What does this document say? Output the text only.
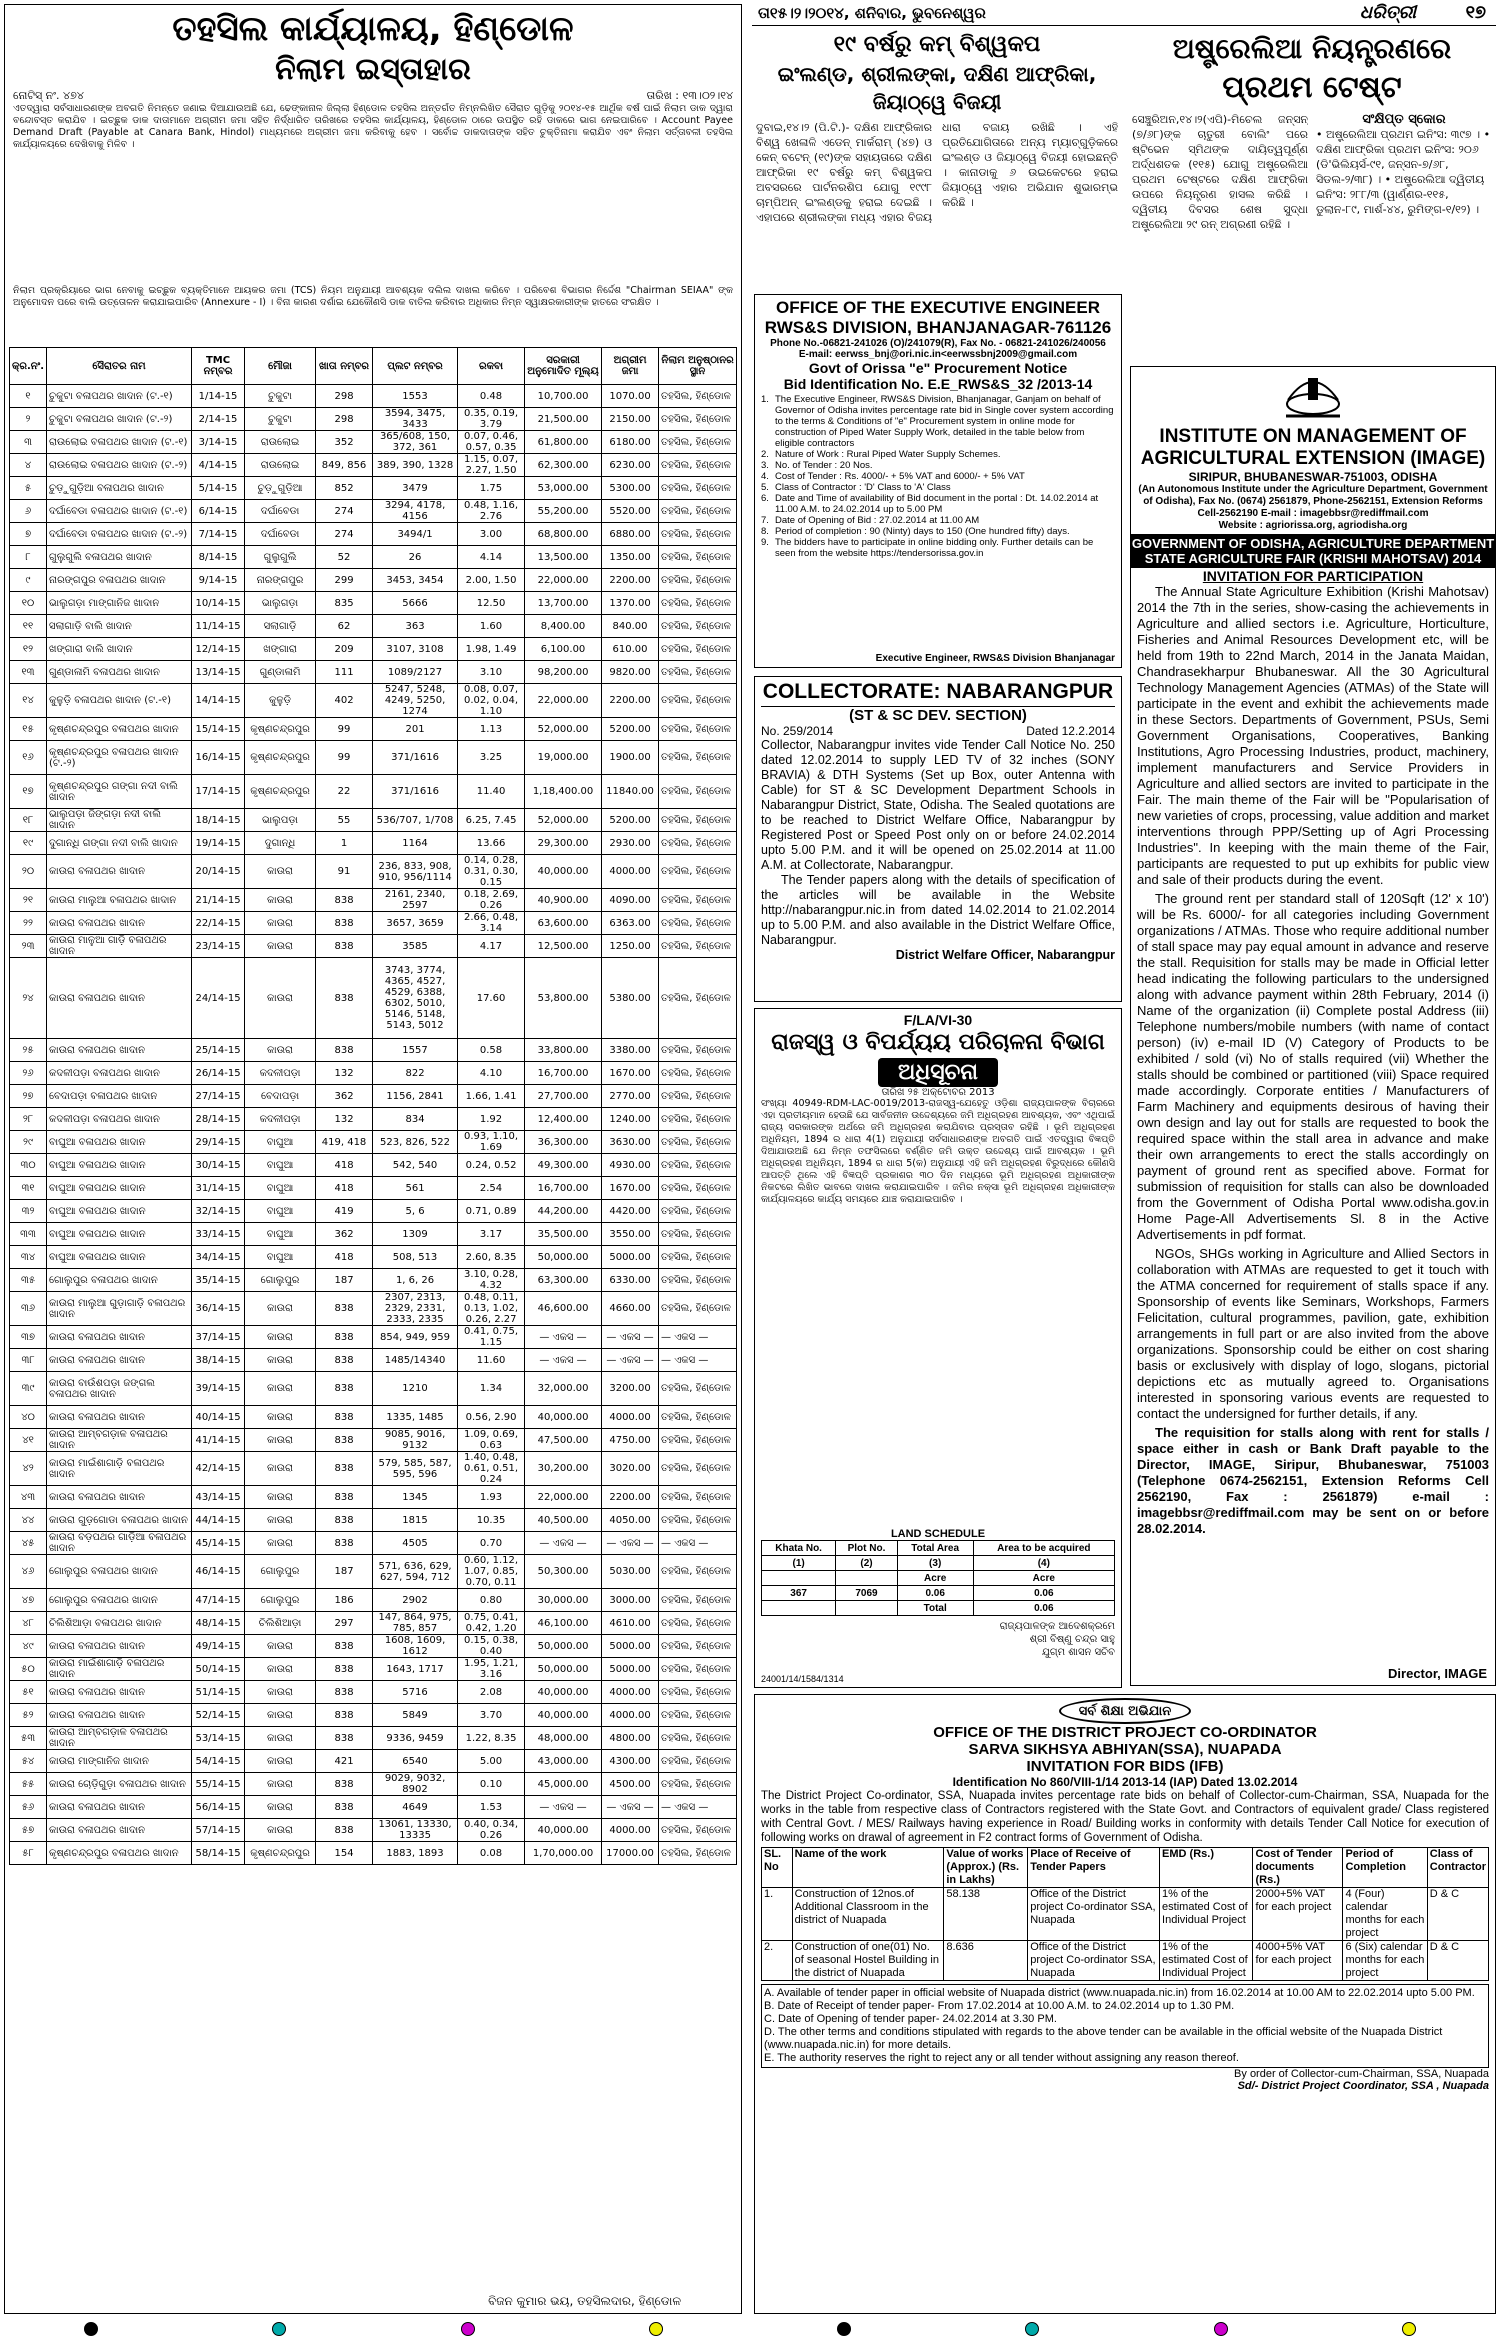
ତହସିଲ କାର୍ଯ୍ୟାଳୟ, ହିଣ୍ଡୋଳ
ନିଲାମ ଇସ୍ତାହାର
ନୋଟିସ୍ ନଂ. ୪୭୪	ତାରିଖ : ୧୩।୦୨।୧୪
ଏତଦ୍ୱାରା ସର୍ବସାଧାରଣଙ୍କ ଅବଗତି ନିମନ୍ତେ ଜଣାଇ ଦିଆଯାଉଅଛି ଯେ, ଢେଙ୍କାନାଳ ଜିଲ୍ଲା ହିଣ୍ଡୋଳ ତହସିଲ ଅନ୍ତର୍ଗତ ନିମ୍ନଲିଖିତ ସୈରାତ ଗୁଡ଼ିକୁ ୨୦୧୪-୧୫ ଆର୍ଥିକ ବର୍ଷ ପାଇଁ ନିଲାମ ଡାକ ଦ୍ୱାରା ବନ୍ଦୋବସ୍ତ କରାଯିବ । ଇଚ୍ଛୁକ ଡାକ ଦାତାମାନେ ଅଗ୍ରୀମ ଜମା ସହିତ ନିର୍ଦ୍ଧାରିତ ତାରିଖରେ ତହସିଲ କାର୍ଯ୍ୟାଳୟ, ହିଣ୍ଡୋଳ ଠାରେ ଉପସ୍ଥିତ ରହି ଡାକରେ ଭାଗ ନେଇପାରିବେ । Account Payee Demand Draft (Payable at Canara Bank, Hindol) ମାଧ୍ୟମରେ ଅଗ୍ରୀମ ଜମା କରିବାକୁ ହେବ । ସର୍ବୋଚ୍ଚ ଡାକଦାତାଙ୍କ ସହିତ ଚୁକ୍ତିନାମା କରାଯିବ ଏବଂ ନିଲାମ ସର୍ତ୍ତାବଳୀ ତହସିଲ କାର୍ଯ୍ୟାଳୟରେ ଦେଖିବାକୁ ମିଳିବ ।
ନିଲାମ ପ୍ରକ୍ରିୟାରେ ଭାଗ ନେବାକୁ ଇଚ୍ଛୁକ ବ୍ୟକ୍ତିମାନେ ଆୟକର ଜମା (TCS) ନିୟମ ଅନୁଯାୟୀ ଆବଶ୍ୟକ ଦଲିଲ ଦାଖଲ କରିବେ । ପରିବେଶ ବିଭାଗର ନିର୍ଦ୍ଦେଶ "Chairman SEIAA" ଙ୍କ ଅନୁମୋଦନ ପରେ ବାଲି ଉତ୍ତୋଳନ କରାଯାଇପାରିବ (Annexure - I) । ବିନା କାରଣ ଦର୍ଶାଇ ଯେକୌଣସି ଡାକ ବାତିଲ କରିବାର ଅଧିକାର ନିମ୍ନ ସ୍ୱାକ୍ଷରକାରୀଙ୍କ ହାତରେ ସଂରକ୍ଷିତ ।
କ୍ର.ନଂ.	ସୈରାତର ନାମ	TMC ନମ୍ବର	ମୌଜା	ଖାତା ନମ୍ବର	ପ୍ଲଟ ନମ୍ବର	ରକବା	ସରକାରୀ ଅନୁମୋଦିତ ମୂଲ୍ୟ	ଅଗ୍ରୀମ ଜମା	ନିଲାମ ଅନୁଷ୍ଠାନର ସ୍ଥାନ
୧	ଚୁକୁଟା ବଳାପଥର ଖାଦାନ (ଟ.-୧)	1/14-15	ଚୁକୁଟା	298	1553	0.48	10,700.00	1070.00	ତହସିଲ, ହିଣ୍ଡୋଳ
୨	ଚୁକୁଟା ବଳାପଥର ଖାଦାନ (ଟ.-୨)	2/14-15	ଚୁକୁଟା	298	3594, 3475, 3433	0.35, 0.19, 3.79	21,500.00	2150.00	ତହସିଲ, ହିଣ୍ଡୋଳ
୩	ରାଉଲୋଇ ବଳାପଥର ଖାଦାନ (ଟ.-୧)	3/14-15	ରାଉଲୋଇ	352	365/608, 150, 372, 361	0.07, 0.46, 0.57, 0.35	61,800.00	6180.00	ତହସିଲ, ହିଣ୍ଡୋଳ
୪	ରାଉଲୋଇ ବଳାପଥର ଖାଦାନ (ଟ.-୨)	4/14-15	ରାଉଲୋଇ	849, 856	389, 390, 1328	1.15, 0.07, 2.27, 1.50	62,300.00	6230.00	ତହସିଲ, ହିଣ୍ଡୋଳ
୫	ଚୁଡ଼ୁଗୁଡ଼ିଆ ବଳାପଥର ଖାଦାନ	5/14-15	ଚୁଡ଼ୁଗୁଡ଼ିଆ	852	3479	1.75	53,000.00	5300.00	ତହସିଲ, ହିଣ୍ଡୋଳ
୬	ଦର୍ଘାବେଡା ବଳାପଥର ଖାଦାନ (ଟ.-୧)	6/14-15	ଦର୍ଘାବେଡା	274	3294, 4178, 4156	0.48, 1.16, 2.76	55,200.00	5520.00	ତହସିଲ, ହିଣ୍ଡୋଳ
୭	ଦର୍ଘାବେଡା ବଳାପଥର ଖାଦାନ (ଟ.-୨)	7/14-15	ଦର୍ଘାବେଡା	274	3494/1	3.00	68,800.00	6880.00	ତହସିଲ, ହିଣ୍ଡୋଳ
୮	ଗୁଲୁଗୁଲି ବଳାପଥର ଖାଦାନ	8/14-15	ଗୁଲୁଗୁଲି	52	26	4.14	13,500.00	1350.00	ତହସିଲ, ହିଣ୍ଡୋଳ
୯	ନାରଙ୍ଗପୁର ବଳାପଥର ଖାଦାନ	9/14-15	ନାରଙ୍ଗପୁର	299	3453, 3454	2.00, 1.50	22,000.00	2200.00	ତହସିଲ, ହିଣ୍ଡୋଳ
୧୦	ଭାଲୁଗଡ଼ା ମାଙ୍ଗାନିଜ ଖାଦାନ	10/14-15	ଭାଲୁଗଡ଼ା	835	5666	12.50	13,700.00	1370.00	ତହସିଲ, ହିଣ୍ଡୋଳ
୧୧	ସଲାଗାଡ଼ି ବାଲି ଖାଦାନ	11/14-15	ସଲାଗାଡ଼ି	62	363	1.60	8,400.00	840.00	ତହସିଲ, ହିଣ୍ଡୋଳ
୧୨	ଖଙ୍ଗାରା ବାଲି ଖାଦାନ	12/14-15	ଖଙ୍ଗାରା	209	3107, 3108	1.98, 1.49	6,100.00	610.00	ତହସିଲ, ହିଣ୍ଡୋଳ
୧୩	ଗୁଣ୍ଡାଳାମି ବଳାପଥର ଖାଦାନ	13/14-15	ଗୁଣ୍ଡାଳାମି	111	1089/2127	3.10	98,200.00	9820.00	ତହସିଲ, ହିଣ୍ଡୋଳ
୧୪	କୁଳୁଡ଼ି ବଳାପଥର ଖାଦାନ (ଟ.-୧)	14/14-15	କୁଳୁଡ଼ି	402	5247, 5248, 4249, 5250, 1274	0.08, 0.07, 0.02, 0.04, 1.10	22,000.00	2200.00	ତହସିଲ, ହିଣ୍ଡୋଳ
୧୫	କୃଷ୍ଣଚନ୍ଦ୍ରପୁର ବଳାପଥର ଖାଦାନ	15/14-15	କୃଷ୍ଣଚନ୍ଦ୍ରପୁର	99	201	1.13	52,000.00	5200.00	ତହସିଲ, ହିଣ୍ଡୋଳ
୧୬	କୃଷ୍ଣଚନ୍ଦ୍ରପୁର ବଳାପଥର ଖାଦାନ (ଟ.-୨)	16/14-15	କୃଷ୍ଣଚନ୍ଦ୍ରପୁର	99	371/1616	3.25	19,000.00	1900.00	ତହସିଲ, ହିଣ୍ଡୋଳ
୧୭	କୃଷ୍ଣଚନ୍ଦ୍ରପୁର ଗଙ୍ଗା ନଦୀ ବାଲି ଖାଦାନ	17/14-15	କୃଷ୍ଣଚନ୍ଦ୍ରପୁର	22	371/1616	11.40	1,18,400.00	11840.00	ତହସିଲ, ହିଣ୍ଡୋଳ
୧୮	ଭାଲୁପଡ଼ା ଜିଙ୍ଗଡ଼ା ନଦୀ ବାଲି ଖାଦାନ	18/14-15	ଭାଲୁପଡ଼ା	55	536/707, 1/708	6.25, 7.45	52,000.00	5200.00	ତହସିଲ, ହିଣ୍ଡୋଳ
୧୯	ଦୁଗାନ୍ଧି ଗଙ୍ଗା ନଦୀ ବାଲି ଖାଦାନ	19/14-15	ଦୁଗାନ୍ଧି	1	1164	13.66	29,300.00	2930.00	ତହସିଲ, ହିଣ୍ଡୋଳ
୨୦	କାଉରା ବଳାପଥର ଖାଦାନ	20/14-15	କାଉରା	91	236, 833, 908, 910, 956/1114	0.14, 0.28, 0.31, 0.30, 0.15	40,000.00	4000.00	ତହସିଲ, ହିଣ୍ଡୋଳ
୨୧	କାଉରା ମାଲୁଆ ବଳାପଥର ଖାଦାନ	21/14-15	କାଉରା	838	2161, 2340, 2597	0.18, 2.69, 0.26	40,900.00	4090.00	ତହସିଲ, ହିଣ୍ଡୋଳ
୨୨	କାଉରା ବଳାପଥର ଖାଦାନ	22/14-15	କାଉରା	838	3657, 3659	2.66, 0.48, 3.14	63,600.00	6363.00	ତହସିଲ, ହିଣ୍ଡୋଳ
୨୩	କାଉରା ମାଳୁଆ ଗାଡ଼ି ବଳାପଥର ଖାଦାନ	23/14-15	କାଉରା	838	3585	4.17	12,500.00	1250.00	ତହସିଲ, ହିଣ୍ଡୋଳ
୨୪	କାଉରା ବଳାପଥର ଖାଦାନ	24/14-15	କାଉରା	838	3743, 3774, 4365, 4527, 4529, 6388, 6302, 5010, 5146, 5148, 5143, 5012	17.60	53,800.00	5380.00	ତହସିଲ, ହିଣ୍ଡୋଳ
୨୫	କାଉରା ବଳାପଥର ଖାଦାନ	25/14-15	କାଉରା	838	1557	0.58	33,800.00	3380.00	ତହସିଲ, ହିଣ୍ଡୋଳ
୨୬	କଦଳୀପଡ଼ା ବଳାପଥର ଖାଦାନ	26/14-15	କଦଳୀପଡ଼ା	132	822	4.10	16,700.00	1670.00	ତହସିଲ, ହିଣ୍ଡୋଳ
୨୭	ବେଦାପଡ଼ା ବଳାପଥର ଖାଦାନ	27/14-15	ବେଦାପଡ଼ା	362	1156, 2841	1.66, 1.41	27,700.00	2770.00	ତହସିଲ, ହିଣ୍ଡୋଳ
୨୮	କଦଳୀପଡ଼ା ବଳାପଥର ଖାଦାନ	28/14-15	କଦଳୀପଡ଼ା	132	834	1.92	12,400.00	1240.00	ତହସିଲ, ହିଣ୍ଡୋଳ
୨୯	ବାଘୁଆ ବଳାପଥର ଖାଦାନ	29/14-15	ବାଘୁଆ	419, 418	523, 826, 522	0.93, 1.10, 1.69	36,300.00	3630.00	ତହସିଲ, ହିଣ୍ଡୋଳ
୩୦	ବାଘୁଆ ବଳାପଥର ଖାଦାନ	30/14-15	ବାଘୁଆ	418	542, 540	0.24, 0.52	49,300.00	4930.00	ତହସିଲ, ହିଣ୍ଡୋଳ
୩୧	ବାଘୁଆ ବଳାପଥର ଖାଦାନ	31/14-15	ବାଘୁଆ	418	561	2.54	16,700.00	1670.00	ତହସିଲ, ହିଣ୍ଡୋଳ
୩୨	ବାଘୁଆ ବଳାପଥର ଖାଦାନ	32/14-15	ବାଘୁଆ	419	5, 6	0.71, 0.89	44,200.00	4420.00	ତହସିଲ, ହିଣ୍ଡୋଳ
୩୩	ବାଘୁଆ ବଳାପଥର ଖାଦାନ	33/14-15	ବାଘୁଆ	362	1309	3.17	35,500.00	3550.00	ତହସିଲ, ହିଣ୍ଡୋଳ
୩୪	ବାଘୁଆ ବଳାପଥର ଖାଦାନ	34/14-15	ବାଘୁଆ	418	508, 513	2.60, 8.35	50,000.00	5000.00	ତହସିଲ, ହିଣ୍ଡୋଳ
୩୫	ଗୋଲୁପୁର ବଳାପଥର ଖାଦାନ	35/14-15	ଗୋଲୁପୁର	187	1, 6, 26	3.10, 0.28, 4.32	63,300.00	6330.00	ତହସିଲ, ହିଣ୍ଡୋଳ
୩୬	କାଉରା ମାଲୁଆ ଗୁଡ଼ାଗାଡ଼ି ବଳାପଥର ଖାଦାନ	36/14-15	କାଉରା	838	2307, 2313, 2329, 2331, 2333, 2335	0.48, 0.11, 0.13, 1.02, 0.26, 2.27	46,600.00	4660.00	ତହସିଲ, ହିଣ୍ଡୋଳ
୩୭	କାଉରା ବଳାପଥର ଖାଦାନ	37/14-15	କାଉରା	838	854, 949, 959	0.41, 0.75, 1.15	— ଏକସ —	— ଏକସ —	— ଏକସ —
୩୮	କାଉରା ବଳାପଥର ଖାଦାନ	38/14-15	କାଉରା	838	1485/14340	11.60	— ଏକସ —	— ଏକସ —	— ଏକସ —
୩୯	କାଉରା ବାଉଁଶପଡ଼ା ଜଙ୍ଗଲ ବଳାପଥର ଖାଦାନ	39/14-15	କାଉରା	838	1210	1.34	32,000.00	3200.00	ତହସିଲ, ହିଣ୍ଡୋଳ
୪୦	କାଉରା ବଳାପଥର ଖାଦାନ	40/14-15	କାଉରା	838	1335, 1485	0.56, 2.90	40,000.00	4000.00	ତହସିଲ, ହିଣ୍ଡୋଳ
୪୧	କାଉରା ଆମ୍ବଗଡ଼ାଳ ବଳାପଥର ଖାଦାନ	41/14-15	କାଉରା	838	9085, 9016, 9132	1.09, 0.69, 0.63	47,500.00	4750.00	ତହସିଲ, ହିଣ୍ଡୋଳ
୪୨	କାଉରା ମାଇଁଶାଗାଡ଼ି ବଳାପଥର ଖାଦାନ	42/14-15	କାଉରା	838	579, 585, 587, 595, 596	1.40, 0.48, 0.61, 0.51, 0.24	30,200.00	3020.00	ତହସିଲ, ହିଣ୍ଡୋଳ
୪୩	କାଉରା ବଳାପଥର ଖାଦାନ	43/14-15	କାଉରା	838	1345	1.93	22,000.00	2200.00	ତହସିଲ, ହିଣ୍ଡୋଳ
୪୪	କାଉରା ଗୁଡ଼ଗୋଡା ବଳାପଥର ଖାଦାନ	44/14-15	କାଉରା	838	1815	10.35	40,500.00	4050.00	ତହସିଲ, ହିଣ୍ଡୋଳ
୪୫	କାଉରା ବଡ଼ପଥର ଗାଡ଼ିଆ ବଳାପଥର ଖାଦାନ	45/14-15	କାଉରା	838	4505	0.70	— ଏକସ —	— ଏକସ —	— ଏକସ —
୪୬	ଗୋଲୁପୁର ବଳାପଥର ଖାଦାନ	46/14-15	ଗୋଲୁପୁର	187	571, 636, 629, 627, 594, 712	0.60, 1.12, 1.07, 0.85, 0.70, 0.11	50,300.00	5030.00	ତହସିଲ, ହିଣ୍ଡୋଳ
୪୭	ଗୋଲୁପୁର ବଳାପଥର ଖାଦାନ	47/14-15	ଗୋଲୁପୁର	186	2902	0.80	30,000.00	3000.00	ତହସିଲ, ହିଣ୍ଡୋଳ
୪୮	ଚିଲିଶିଆଡ଼ା ବଳାପଥର ଖାଦାନ	48/14-15	ଚିଲିଶିଆଡ଼ା	297	147, 864, 975, 785, 857	0.75, 0.41, 0.42, 1.20	46,100.00	4610.00	ତହସିଲ, ହିଣ୍ଡୋଳ
୪୯	କାଉରା ବଳାପଥର ଖାଦାନ	49/14-15	କାଉରା	838	1608, 1609, 1612	0.15, 0.38, 0.40	50,000.00	5000.00	ତହସିଲ, ହିଣ୍ଡୋଳ
୫୦	କାଉରା ମାଇଁଶାଗାଡ଼ି ବଳାପଥର ଖାଦାନ	50/14-15	କାଉରା	838	1643, 1717	1.95, 1.21, 3.16	50,000.00	5000.00	ତହସିଲ, ହିଣ୍ଡୋଳ
୫୧	କାଉରା ବଳାପଥର ଖାଦାନ	51/14-15	କାଉରା	838	5716	2.08	40,000.00	4000.00	ତହସିଲ, ହିଣ୍ଡୋଳ
୫୨	କାଉରା ବଳାପଥର ଖାଦାନ	52/14-15	କାଉରା	838	5849	3.70	40,000.00	4000.00	ତହସିଲ, ହିଣ୍ଡୋଳ
୫୩	କାଉରା ଆମ୍ବଗଡ଼ାଳ ବଳାପଥର ଖାଦାନ	53/14-15	କାଉରା	838	9336, 9459	1.22, 8.35	48,000.00	4800.00	ତହସିଲ, ହିଣ୍ଡୋଳ
୫୪	କାଉରା ମାଙ୍ଗାନିଜ ଖାଦାନ	54/14-15	କାଉରା	421	6540	5.00	43,000.00	4300.00	ତହସିଲ, ହିଣ୍ଡୋଳ
୫୫	କାଉରା ଚୋଡ଼ିଗୁଡ଼ା ବଳାପଥର ଖାଦାନ	55/14-15	କାଉରା	838	9029, 9032, 8902	0.10	45,000.00	4500.00	ତହସିଲ, ହିଣ୍ଡୋଳ
୫୬	କାଉରା ବଳାପଥର ଖାଦାନ	56/14-15	କାଉରା	838	4649	1.53	— ଏକସ —	— ଏକସ —	— ଏକସ —
୫୭	କାଉରା ବଳାପଥର ଖାଦାନ	57/14-15	କାଉରା	838	13061, 13330, 13335	0.40, 0.34, 0.26	40,000.00	4000.00	ତହସିଲ, ହିଣ୍ଡୋଳ
୫୮	କୃଷ୍ଣଚନ୍ଦ୍ରପୁର ବଳାପଥର ଖାଦାନ	58/14-15	କୃଷ୍ଣଚନ୍ଦ୍ରପୁର	154	1883, 1893	0.08	1,70,000.00	17000.00	ତହସିଲ, ହିଣ୍ଡୋଳ
ବିଜନ କୁମାର ଭୟ, ତହସିଲଦାର, ହିଣ୍ଡୋଳ
ତା୧୫।୨।୨୦୧୪, ଶନିବାର, ଭୁବନେଶ୍ୱର	ଧରିତ୍ରୀ	୧୭
୧୯ ବର୍ଷରୁ କମ୍ ବିଶ୍ୱକପ
ଇଂଲଣ୍ଡ, ଶ୍ରୀଲଙ୍କା, ଦକ୍ଷିଣ ଆଫ୍ରିକା, ଜିୟାଠ୍ୱେ ବିଜୟୀ
ଦୁବାଇ,୧୪।୨ (ପି.ଟି.)- ଦକ୍ଷିଣ ଆଫ୍ରିକାର ବିଶ୍ୱ ଖେଳାଳି ଏଡେନ୍ ମାର୍କରାମ୍ (୪୭) ଓ କେନ୍ ବଟେନ୍ (୧୯)ଙ୍କ ସହାୟତାରେ ଦକ୍ଷିଣ ଆଫ୍ରିକା ୧୯ ବର୍ଷରୁ କମ୍ ବିଶ୍ୱକପ ଅବସରରେ ପାର୍ଟନରଶିପ ଯୋଗୁ ୧୯୯୮ ଚାମ୍ପିଅନ୍ ଇଂଲଣ୍ଡକୁ ହରାଇ ଦେଇଛି । ଏହାପରେ ଶ୍ରୀଲଙ୍କା ମଧ୍ୟ ଏହାର ବିଜୟ ଧାରା ବଜାୟ ରଖିଛି । ଏହି ପ୍ରତିଯୋଗିତାରେ ଅନ୍ୟ ମ୍ୟାଚ୍‌ଗୁଡ଼ିକରେ ଇଂଲଣ୍ଡ ଓ ଜିୟାଠ୍ୱେ ବିଜୟୀ ହୋଇଛନ୍ତି । କାନାଡାକୁ ୬ ଉଇକେଟରେ ହରାଇ ଜିୟାଠ୍ୱେ ଏହାର ଅଭିଯାନ ଶୁଭାରମ୍ଭ କରିଛି ।
ଅଷ୍ଟ୍ରେଲିଆ ନିୟନ୍ତ୍ରଣରେ
ପ୍ରଥମ ଟେଷ୍ଟ
ସେଞ୍ଚୁରିଅନ,୧୪।୨(ଏପି)-ମିଚେଲ ଜନ୍‌ସନ୍ (୭/୬୮)ଙ୍କ ଚାତୁରୀ ବୋଲିଂ ପରେ ଷ୍ଟିଭେନ ସ୍ମିଥଙ୍କ ଦାୟିତ୍ୱପୂର୍ଣ୍ଣ ଅର୍ଦ୍ଧଶତକ (୧୧୫) ଯୋଗୁ ଅଷ୍ଟ୍ରେଲିଆ ପ୍ରଥମ ଟେଷ୍ଟରେ ଦକ୍ଷିଣ ଆଫ୍ରିକା ଉପରେ ନିୟନ୍ତ୍ରଣ ହାସଲ କରିଛି । ଦ୍ୱିତୀୟ ଦିବସର ଶେଷ ସୁଦ୍ଧା ଅଷ୍ଟ୍ରେଲିଆ ୨୯ ରନ୍ ଅଗ୍ରଣୀ ରହିଛି ।
ସଂକ୍ଷିପ୍ତ ସ୍କୋର
• ଅଷ୍ଟ୍ରେଲିଆ ପ୍ରଥମ ଇନିଂସ: ୩୯୭ । • ଦକ୍ଷିଣ ଆଫ୍ରିକା ପ୍ରଥମ ଇନିଂସ: ୨୦୬ (ଡି'ଭିଲିୟର୍ସ-୯୧, ଜନ୍‌ସନ-୭/୬୮, ସିଡଲ-୨/୩୮) । • ଅଷ୍ଟ୍ରେଲିଆ ଦ୍ୱିତୀୟ ଇନିଂସ: ୨୮୮/୩ (ୱାର୍ଣ୍ଣର-୧୧୫, ଡୁଲାନ-୮୯, ମାର୍ଶ-୪୪, ରୁମିଙ୍ଗ-୧/୧୨) ।
OFFICE OF THE EXECUTIVE ENGINEER
RWS&S DIVISION, BHANJANAGAR-761126
Phone No.-06821-241026 (O)/241079(R), Fax No. - 06821-241026/240056
E-mail: eerwss_bnj@ori.nic.in<eerwssbnj2009@gmail.com
Govt of Orissa "e" Procurement Notice
Bid Identification No. E.E_RWS&S_32 /2013-14
1. The Executive Engineer, RWS&S Division, Bhanjanagar, Ganjam on behalf of Governor of Odisha invites percentage rate bid in Single cover system according to the terms & Conditions of "e" Procurement system in online mode for construction of Piped Water Supply Work, detailed in the table below from eligible contractors
2. Nature of Work : Rural Piped Water Supply Schemes.
3. No. of Tender : 20 Nos.
4. Cost of Tender : Rs. 4000/- + 5% VAT and 6000/- + 5% VAT
5. Class of Contractor : 'D' Class to 'A' Class
6. Date and Time of availability of Bid document in the portal : Dt. 14.02.2014 at 11.00 A.M. to 24.02.2014 up to 5.00 PM
7. Date of Opening of Bid : 27.02.2014 at 11.00 AM
8. Period of completion : 90 (Ninty) days to 150 (One hundred fifty) days.
9. The bidders have to participate in online bidding only. Further details can be seen from the website https://tendersorissa.gov.in
Executive Engineer, RWS&S Division Bhanjanagar
COLLECTORATE: NABARANGPUR
(ST & SC DEV. SECTION)
No. 259/2014	Dated 12.2.2014
Collector, Nabarangpur invites vide Tender Call Notice No. 250 dated 12.02.2014 to supply LED TV of 32 inches (SONY BRAVIA) & DTH Systems (Set up Box, outer Antenna with Cable) for ST & SC Development Department Schools in Nabarangpur District, State, Odisha. The Sealed quotations are to be reached to District Welfare Office, Nabarangpur by Registered Post or Speed Post only on or before 24.02.2014 upto 5.00 P.M. and it will be opened on 25.02.2014 at 11.00 A.M. at Collectorate, Nabarangpur.
The Tender papers along with the details of specification of the articles will be available in the Website http://nabarangpur.nic.in from dated 14.02.2014 to 21.02.2014 up to 5.00 P.M. and also available in the District Welfare Office, Nabarangpur.
District Welfare Officer, Nabarangpur
F/LA/VI-30
ରାଜସ୍ୱ ଓ ବିପର୍ଯ୍ୟୟ ପରିଚାଳନା ବିଭାଗ
ଅଧିସୂଚନା
ତାରିଖ ୨୫ ଅକ୍ଟୋବର 2013
ସଂଖ୍ୟା 40949-RDM-LAC-0019/2013-ରାଜସ୍ୱ-ଯେହେତୁ ଓଡ଼ିଶା ରାଜ୍ୟପାଳଙ୍କ ବିଚାରରେ ଏହା ପ୍ରତୀୟମାନ ହେଉଛି ଯେ ସାର୍ବଜନୀନ ଉଦ୍ଦେଶ୍ୟରେ ଜମି ଅଧିଗ୍ରହଣ ଆବଶ୍ୟକ, ଏବଂ ଏଥିପାଇଁ ରାଜ୍ୟ ସରକାରଙ୍କ ଅର୍ଥରେ ଜମି ଅଧିଗ୍ରହଣ କରାଯିବାର ପ୍ରସ୍ତାବ ରହିଛି । ଭୂମି ଅଧିଗ୍ରହଣ ଅଧିନିୟମ, 1894 ର ଧାରା 4(1) ଅନୁଯାୟୀ ସର୍ବସାଧାରଣଙ୍କ ଅବଗତି ପାଇଁ ଏତଦ୍ୱାରା ବିଜ୍ଞପ୍ତି ଦିଆଯାଉଅଛି ଯେ ନିମ୍ନ ତଫସିଲରେ ବର୍ଣ୍ଣିତ ଜମି ଉକ୍ତ ଉଦ୍ଦେଶ୍ୟ ପାଇଁ ଆବଶ୍ୟକ । ଭୂମି ଅଧିଗ୍ରହଣ ଅଧିନିୟମ, 1894 ର ଧାରା 5(କ) ଅନୁଯାୟୀ ଏହି ଜମି ଅଧିଗ୍ରହଣ ବିରୁଦ୍ଧରେ କୌଣସି ଆପତ୍ତି ଥିଲେ ଏହି ବିଜ୍ଞପ୍ତି ପ୍ରକାଶର ୩୦ ଦିନ ମଧ୍ୟରେ ଭୂମି ଅଧିଗ୍ରହଣ ଅଧିକାରୀଙ୍କ ନିକଟରେ ଲିଖିତ ଭାବରେ ଦାଖଲ କରାଯାଇପାରିବ । ଜମିର ନକ୍ସା ଭୂମି ଅଧିଗ୍ରହଣ ଅଧିକାରୀଙ୍କ କାର୍ଯ୍ୟାଳୟରେ କାର୍ଯ୍ୟ ସମୟରେ ଯାଞ୍ଚ କରାଯାଇପାରିବ ।
LAND SCHEDULE
Khata No.	Plot No.	Total Area	Area to be acquired
(1)	(2)	(3)	(4)
		Acre	Acre
367	7069	0.06	0.06
		Total	0.06
ରାଜ୍ୟପାଳଙ୍କ ଆଦେଶକ୍ରମେ
ଶ୍ରୀ ବିଷ୍ଣୁ ଚନ୍ଦ୍ର ସାହୁ
ଯୁଗ୍ମ ଶାସନ ସଚିବ
24001/14/1584/1314
INSTITUTE ON MANAGEMENT OF
AGRICULTURAL EXTENSION (IMAGE)
SIRIPUR, BHUBANESWAR-751003, ODISHA
(An Autonomous Institute under the Agriculture Department, Government of Odisha), Fax No. (0674) 2561879, Phone-2562151, Extension Reforms Cell-2562190 E-mail : imagebbsr@rediffmail.com
Website : agriorissa.org, agriodisha.org
GOVERNMENT OF ODISHA, AGRICULTURE DEPARTMENT
STATE AGRICULTURE FAIR (KRISHI MAHOTSAV) 2014
INVITATION FOR PARTICIPATION

The Annual State Agriculture Exhibition (Krishi Mahotsav) 2014 the 7th in the series, show-casing the achievements in Agriculture and allied sectors i.e. Agriculture, Horticulture, Fisheries and Animal Resources Development etc, will be held from 19th to 22nd March, 2014 in the Janata Maidan, Chandrasekharpur Bhubaneswar. All the 30 Agricultural Technology Management Agencies (ATMAs) of the State will participate in the event and exhibit the achievements made in these Sectors. Departments of Government, PSUs, Semi Government Organisations, Cooperatives, Banking Institutions, Agro Processing Industries, product, machinery, implement manufacturers and Service Providers in Agriculture and allied sectors are invited to participate in the Fair. The main theme of the Fair will be "Popularisation of new varieties of crops, processing, value addition and market interventions through PPP/Setting up of Agri Processing Industries". In keeping with the main theme of the Fair, participants are requested to put up exhibits for public view and sale of their products during the event.

The ground rent per standard stall of 120Sqft (12' x 10') will be Rs. 6000/- for all categories including Government organizations / ATMAs. Those who require additional number of stall space may pay equal amount in advance and reserve the stall. Requisition for stalls may be made in Official letter head indicating the following particulars to the undersigned along with advance payment within 28th February, 2014 (i) Name of the organization (ii) Complete postal Address (iii) Telephone numbers/mobile numbers (with name of contact person) (iv) e-mail ID (V) Category of Products to be exhibited / sold (vi) No of stalls required (vii) Whether the stalls should be combined or partitioned (viii) Space required made accordingly. Corporate entities / Manufacturers of Farm Machinery and equipments desirous of having their own design and lay out for stalls are requested to book the required space within the stall area in advance and make their own arrangements to erect the stalls accordingly on payment of ground rent as specified above. Format for submission of requisition for stalls can also be downloaded from the Government of Odisha Portal www.odisha.gov.in Home Page-All Advertisements Sl. 8 in the Active Advertisements in pdf format.

NGOs, SHGs working in Agriculture and Allied Sectors in collaboration with ATMAs are requested to get it touch with the ATMA concerned for requirement of stalls space if any. Sponsorship of events like Seminars, Workshops, Farmers Felicitation, cultural programmes, pavilion, gate, exhibition arrangements in full part or are also invited from the above organizations. Sponsorship could be either on cost sharing basis or exclusively with display of logo, slogans, pictorial depictions etc as mutually agreed to. Organisations interested in sponsoring various events are requested to contact the undersigned for further details, if any.

The requisition for stalls along with rent for stalls / space either in cash or Bank Draft payable to the Director, IMAGE, Siripur, Bhubaneswar, 751003 (Telephone 0674-2562151, Extension Reforms Cell 2562190, Fax : 2561879) e-mail : imagebbsr@rediffmail.com may be sent on or before 28.02.2014.

Director, IMAGE
ସର୍ବ ଶିକ୍ଷା ଅଭିଯାନ
OFFICE OF THE DISTRICT PROJECT CO-ORDINATOR
SARVA SIKHSYA ABHIYAN(SSA), NUAPADA
INVITATION FOR BIDS (IFB)
Identification No 860/VIII-1/14 2013-14 (IAP) Dated 13.02.2014
The District Project Co-ordinator, SSA, Nuapada invites percentage rate bids on behalf of Collector-cum-Chairman, SSA, Nuapada for the works in the table from respective class of Contractors registered with the State Govt. and Contractors of equivalent grade/ Class registered with Central Govt. / MES/ Railways having experience in Road/ Building works in conformity with details Tender Call Notice for execution of following works on drawal of agreement in F2 contract forms of Government of Odisha.
SL. No	Name of the work	Value of works (Approx.) (Rs. in Lakhs)	Place of Receive of Tender Papers	EMD (Rs.)	Cost of Tender documents (Rs.)	Period of Completion	Class of Contractor
1.	Construction of 12nos.of Additional Classroom in the district of Nuapada	58.138	Office of the District project Co-ordinator SSA, Nuapada	1% of the estimated Cost of Individual Project	2000+5% VAT for each project	4 (Four) calendar months for each project	D & C
2.	Construction of one(01) No. of seasonal Hostel Building in the district of Nuapada	8.636	Office of the District project Co-ordinator SSA, Nuapada	1% of the estimated Cost of Individual Project	4000+5% VAT for each project	6 (Six) calendar months for each project	D & C
A. Available of tender paper in official website of Nuapada district (www.nuapada.nic.in) from 16.02.2014 at 10.00 AM to 22.02.2014 upto 5.00 PM.
B. Date of Receipt of tender paper- From 17.02.2014 at 10.00 A.M. to 24.02.2014 up to 1.30 PM.
C. Date of Opening of tender paper- 24.02.2014 at 3.30 PM.
D. The other terms and conditions stipulated with regards to the above tender can be available in the official website of the Nuapada District (www.nuapada.nic.in) for more details.
E. The authority reserves the right to reject any or all tender without assigning any reason thereof.
By order of Collector-cum-Chairman, SSA, Nuapada
Sd/- District Project Coordinator, SSA , Nuapada
